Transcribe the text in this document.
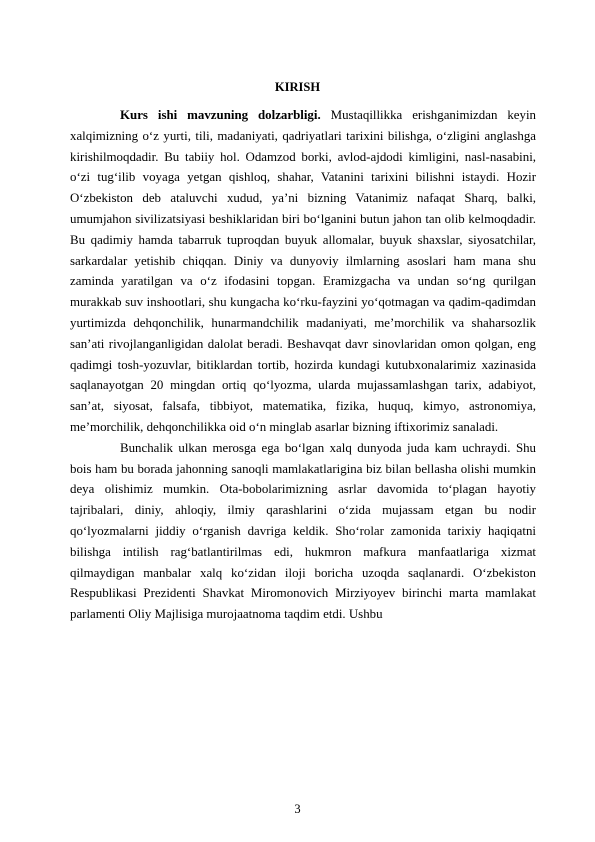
KIRISH

Kurs ishi mavzuning dolzarbligi. Mustaqillikka erishganimizdan keyin xalqimizning o‘z yurti, tili, madaniyati, qadriyatlari tarixini bilishga, o‘zligini anglashga kirishilmoqdadir. Bu tabiiy hol. Odamzod borki, avlod-ajdodi kimligini, nasl-nasabini, o‘zi tug‘ilib voyaga yetgan qishloq, shahar, Vatanini tarixini bilishni istaydi. Hozir O‘zbekiston deb ataluvchi xudud, ya’ni bizning Vatanimiz nafaqat Sharq, balki, umumjahon sivilizatsiyasi beshiklaridan biri bo‘lganini butun jahon tan olib kelmoqdadir. Bu qadimiy hamda tabarruk tuproqdan buyuk allomalar, buyuk shaxslar, siyosatchilar, sarkardalar yetishib chiqqan. Diniy va dunyoviy ilmlarning asoslari ham mana shu zaminda yaratilgan va o‘z ifodasini topgan. Eramizgacha va undan so‘ng qurilgan murakkab suv inshootlari, shu kungacha ko‘rku-fayzini yo‘qotmagan va qadim-qadimdan yurtimizda dehqonchilik, hunarmandchilik madaniyati, me’morchilik va shaharsozlik san’ati rivojlanganligidan dalolat beradi. Beshavqat davr sinovlaridan omon qolgan, eng qadimgi tosh-yozuvlar, bitiklardan tortib, hozirda kundagi kutubxonalarimiz xazinasida saqlanayotgan 20 mingdan ortiq qo‘lyozma, ularda mujassamlashgan tarix, adabiyot, san’at, siyosat, falsafa, tibbiyot, matematika, fizika, huquq, kimyo, astronomiya, me’morchilik, dehqonchilikka oid o‘n minglab asarlar bizning iftixorimiz sanaladi.

Bunchalik ulkan merosga ega bo‘lgan xalq dunyoda juda kam uchraydi. Shu bois ham bu borada jahonning sanoqli mamlakatlarigina biz bilan bellasha olishi mumkin deya olishimiz mumkin. Ota-bobolarimizning asrlar davomida to‘plagan hayotiy tajribalari, diniy, ahloqiy, ilmiy qarashlarini o‘zida mujassam etgan bu nodir qo‘lyozmalarni jiddiy o‘rganish davriga keldik. Sho‘rolar zamonida tarixiy haqiqatni bilishga intilish rag‘batlantirilmas edi, hukmron mafkura manfaatlariga xizmat qilmaydigan manbalar xalq ko‘zidan iloji boricha uzoqda saqlanardi. O‘zbekiston Respublikasi Prezidenti Shavkat Miromonovich Mirziyoyev birinchi marta mamlakat parlamenti Oliy Majlisiga murojaatnoma taqdim etdi. Ushbu

3
